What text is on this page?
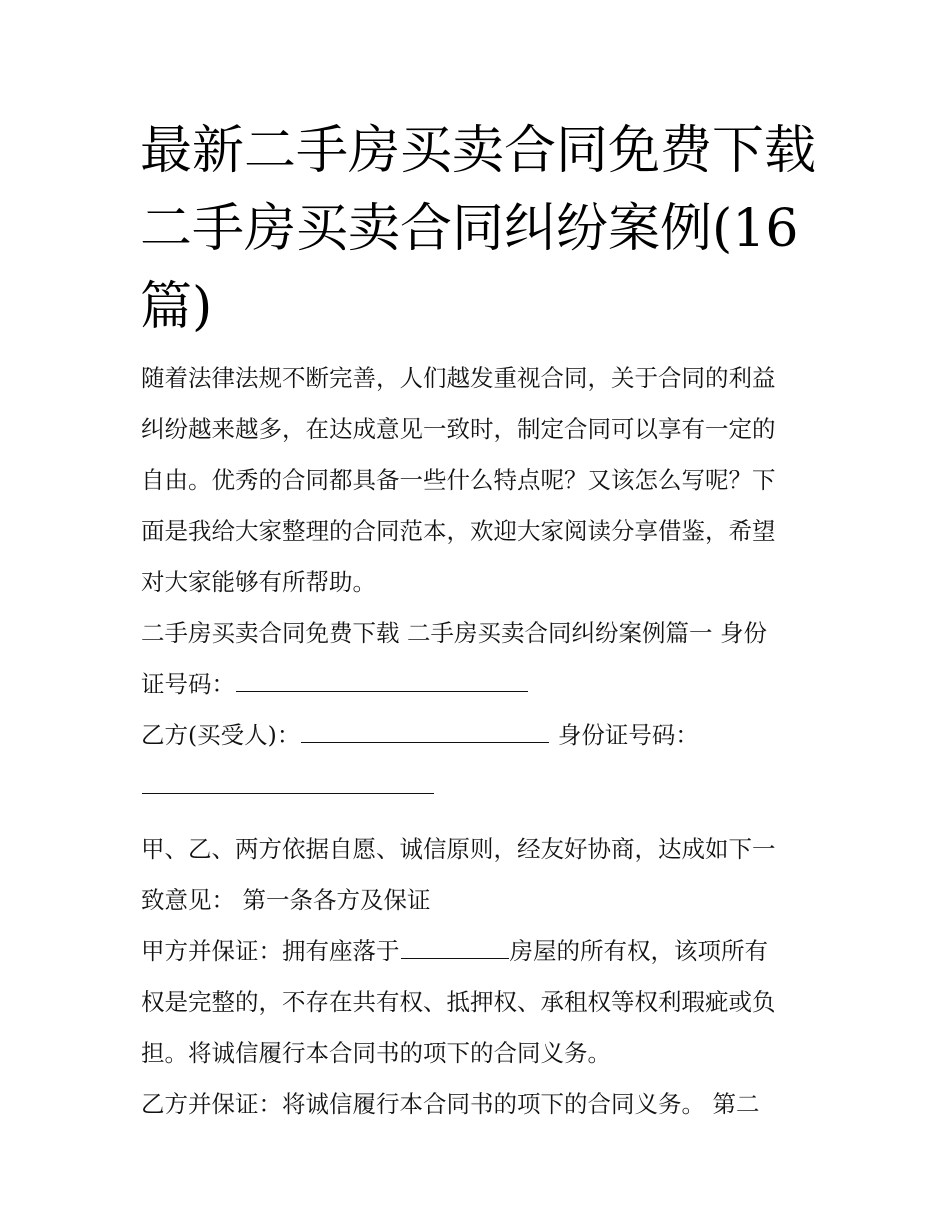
最新二手房买卖合同免费下载
二手房买卖合同纠纷案例(16
篇)
随着法律法规不断完善，人们越发重视合同，关于合同的利益
纠纷越来越多，在达成意见一致时，制定合同可以享有一定的
自由。优秀的合同都具备一些什么特点呢？又该怎么写呢？下
面是我给大家整理的合同范本，欢迎大家阅读分享借鉴，希望
对大家能够有所帮助。
二手房买卖合同免费下载 二手房买卖合同纠纷案例篇一 身份
证号码：
乙方(买受人)：	身份证号码：
甲、乙、两方依据自愿、诚信原则，经友好协商，达成如下一
致意见： 第一条各方及保证
甲方并保证：拥有座落于	房屋的所有权，该项所有
权是完整的，不存在共有权、抵押权、承租权等权利瑕疵或负
担。将诚信履行本合同书的项下的合同义务。
乙方并保证：将诚信履行本合同书的项下的合同义务。 第二
